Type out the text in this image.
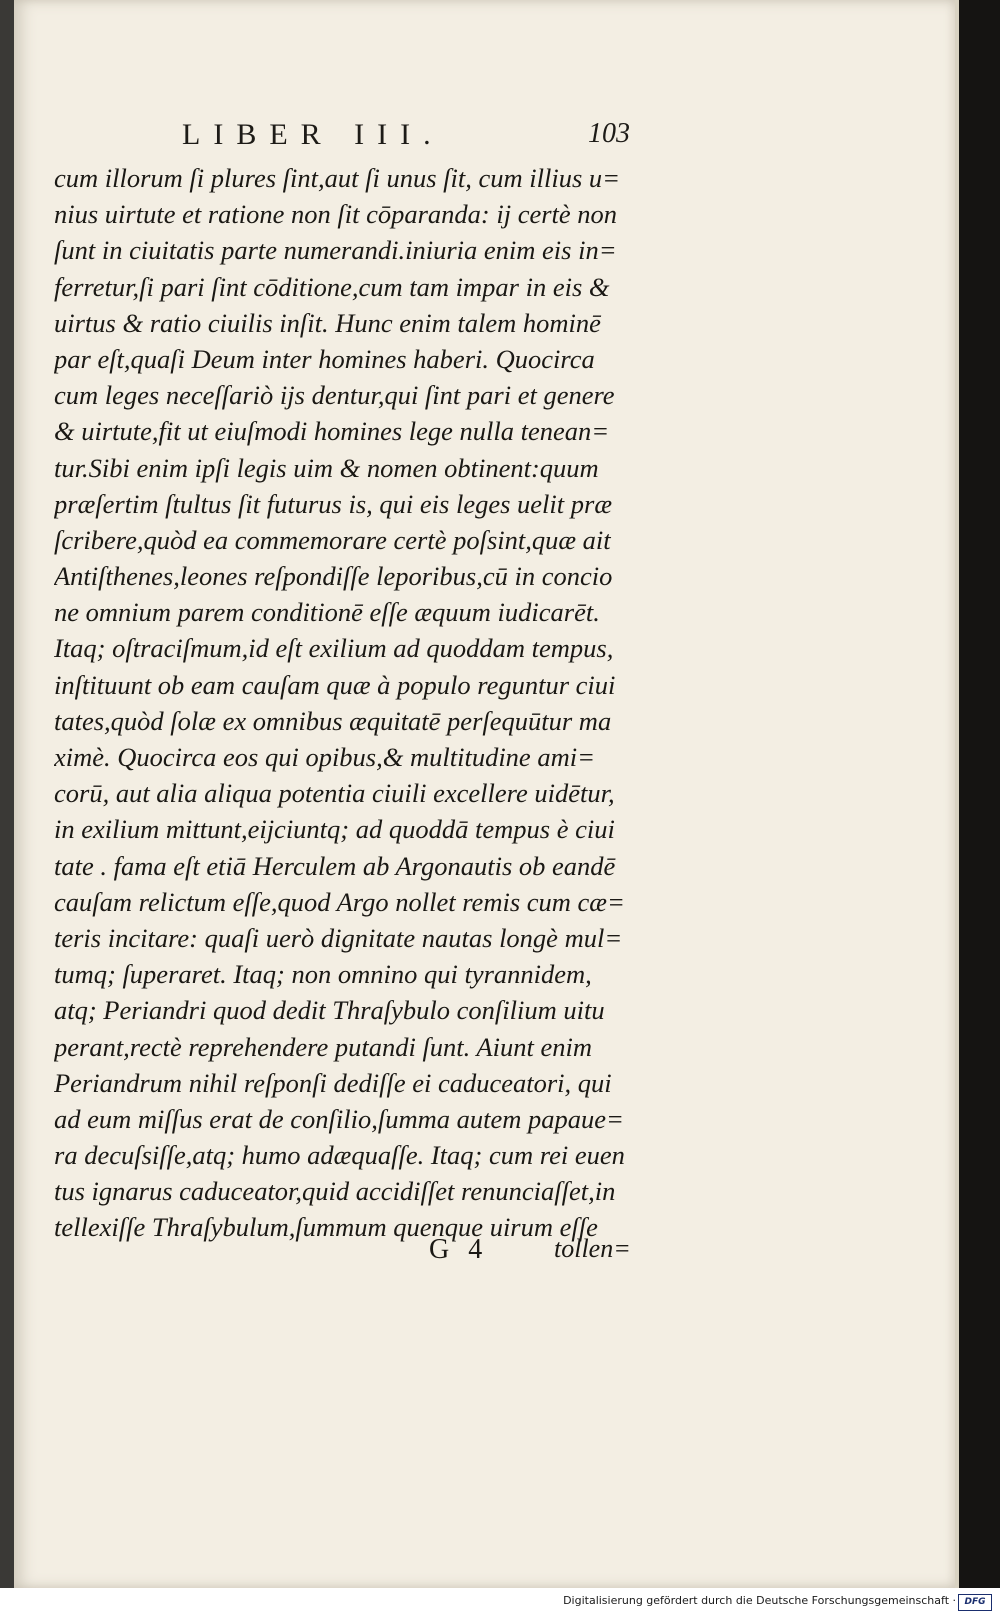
LIBER III.	103
cum illorum ſi plures ſint,aut ſi unus ſit, cum illius u=
nius uirtute et ratione non ſit cōparanda: ij certè non
ſunt in ciuitatis parte numerandi.iniuria enim eis in=
ferretur,ſi pari ſint cōditione,cum tam impar in eis &
uirtus & ratio ciuilis inſit. Hunc enim talem hominē
par eſt,quaſi Deum inter homines haberi. Quocirca
cum leges neceſſariò ijs dentur,qui ſint pari et genere
& uirtute,fit ut eiuſmodi homines lege nulla tenean=
tur.Sibi enim ipſi legis uim & nomen obtinent:quum
præſertim ſtultus ſit futurus is, qui eis leges uelit præ
ſcribere,quòd ea commemorare certè poſsint,quæ ait
Antiſthenes,leones reſpondiſſe leporibus,cū in concio
ne omnium parem conditionē eſſe æquum iudicarēt.
Itaq; oſtraciſmum,id eſt exilium ad quoddam tempus,
inſtituunt ob eam cauſam quæ à populo reguntur ciui
tates,quòd ſolæ ex omnibus æquitatē perſequūtur ma
ximè. Quocirca eos qui opibus,& multitudine ami=
corū, aut alia aliqua potentia ciuili excellere uidētur,
in exilium mittunt,eijciuntq; ad quoddā tempus è ciui
tate . fama eſt etiā Herculem ab Argonautis ob eandē
cauſam relictum eſſe,quod Argo nollet remis cum cæ=
teris incitare: quaſi uerò dignitate nautas longè mul=
tumq; ſuperaret. Itaq; non omnino qui tyrannidem,
atq; Periandri quod dedit Thraſybulo conſilium uitu
perant,rectè reprehendere putandi ſunt. Aiunt enim
Periandrum nihil reſponſi dediſſe ei caduceatori, qui
ad eum miſſus erat de conſilio,ſumma autem papaue=
ra decuſsiſſe,atq; humo adæquaſſe. Itaq; cum rei euen
tus ignarus caduceator,quid accidiſſet renunciaſſet,in
tellexiſſe Thraſybulum,ſummum quenque uirum eſſe
G 4	tollen=
Digitalisierung gefördert durch die Deutsche Forschungsgemeinschaft · DFG
